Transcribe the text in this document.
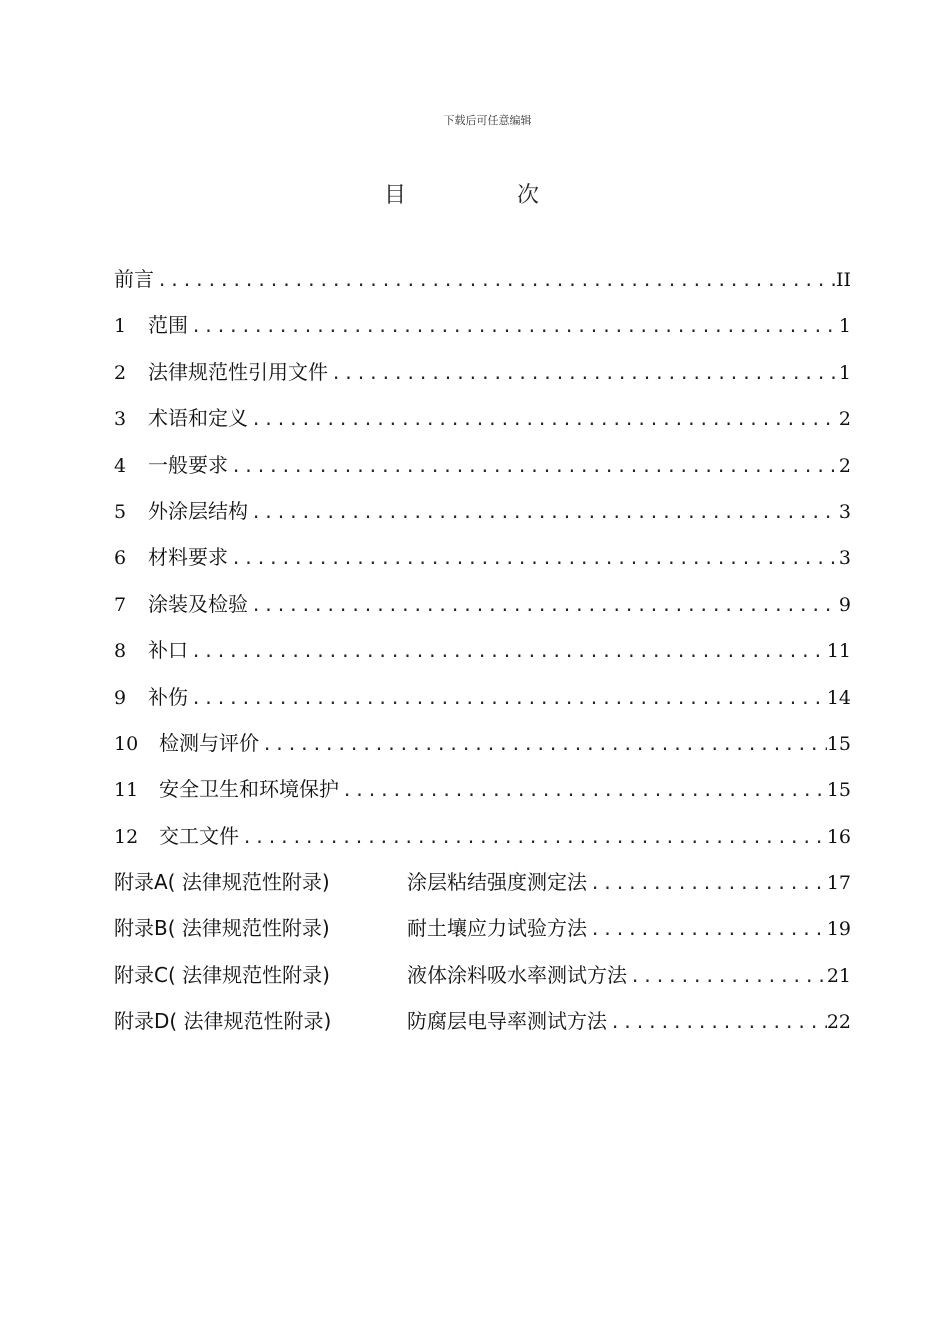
下载后可任意编辑
目 次
前言 .....	II
1	范围 .....	1
2	法律规范性引用文件 .....	1
3	术语和定义 .....	2
4	一般要求 .....	2
5	外涂层结构 .....	3
6	材料要求 .....	3
7	涂装及检验 .....	9
8	补口 .....	11
9	补伤 .....	14
10	检测与评价 .....	15
11	安全卫生和环境保护 .....	15
12	交工文件 .....	16
附录A( 法律规范性附录)	涂层粘结强度测定法 .....	17
附录B( 法律规范性附录)	耐土壤应力试验方法 .....	19
附录C( 法律规范性附录)	液体涂料吸水率测试方法 .....	21
附录D( 法律规范性附录)	防腐层电导率测试方法 .....	22
